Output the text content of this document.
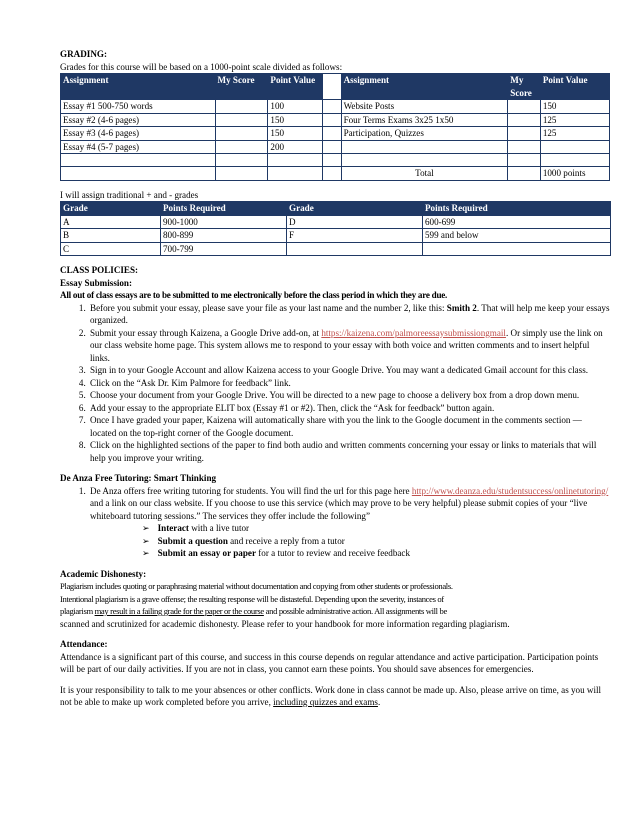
GRADING:

Grades for this course will be based on a 1000-point scale divided as follows:

Assignment	My Score	Point Value		Assignment	My Score	Point Value
Essay #1 500-750 words		100		Website Posts		150
Essay #2 (4-6 pages)		150		Four Terms Exams 3x25 1x50		125
Essay #3 (4-6 pages)		150		Participation, Quizzes		125
Essay #4 (5-7 pages)		200				

				Total		1000 points

I will assign traditional + and - grades

Grade	Points Required	Grade	Points Required
A	900-1000	D	600-699
B	800-899	F	599 and below
C	700-799		

CLASS POLICIES:

Essay Submission:

All out of class essays are to be submitted to me electronically before the class period in which they are due.

1. Before you submit your essay, please save your file as your last name and the number 2, like this: Smith 2. That will help me keep your essays organized.
2. Submit your essay through Kaizena, a Google Drive add-on, at https://kaizena.com/palmoreessaysubmissiongmail. Or simply use the link on our class website home page. This system allows me to respond to your essay with both voice and written comments and to insert helpful links.
3. Sign in to your Google Account and allow Kaizena access to your Google Drive. You may want a dedicated Gmail account for this class.
4. Click on the “Ask Dr. Kim Palmore for feedback” link.
5. Choose your document from your Google Drive. You will be directed to a new page to choose a delivery box from a drop down menu.
6. Add your essay to the appropriate ELIT box (Essay #1 or #2). Then, click the “Ask for feedback” button again.
7. Once I have graded your paper, Kaizena will automatically share with you the link to the Google document in the comments section — located on the top-right corner of the Google document.
8. Click on the highlighted sections of the paper to find both audio and written comments concerning your essay or links to materials that will help you improve your writing.

De Anza Free Tutoring: Smart Thinking

1. De Anza offers free writing tutoring for students. You will find the url for this page here http://www.deanza.edu/studentsuccess/onlinetutoring/ and a link on our class website. If you choose to use this service (which may prove to be very helpful) please submit copies of your “live whiteboard tutoring sessions.” The services they offer include the following”
➢ Interact with a live tutor
➢ Submit a question and receive a reply from a tutor
➢ Submit an essay or paper for a tutor to review and receive feedback

Academic Dishonesty:

Plagiarism includes quoting or paraphrasing material without documentation and copying from other students or professionals.

Intentional plagiarism is a grave offense; the resulting response will be distasteful. Depending upon the severity, instances of

plagiarism may result in a failing grade for the paper or the course and possible administrative action. All assignments will be

scanned and scrutinized for academic dishonesty. Please refer to your handbook for more information regarding plagiarism.

Attendance:

Attendance is a significant part of this course, and success in this course depends on regular attendance and active participation. Participation points will be part of our daily activities. If you are not in class, you cannot earn these points. You should save absences for emergencies.

It is your responsibility to talk to me your absences or other conflicts. Work done in class cannot be made up. Also, please arrive on time, as you will not be able to make up work completed before you arrive, including quizzes and exams.
